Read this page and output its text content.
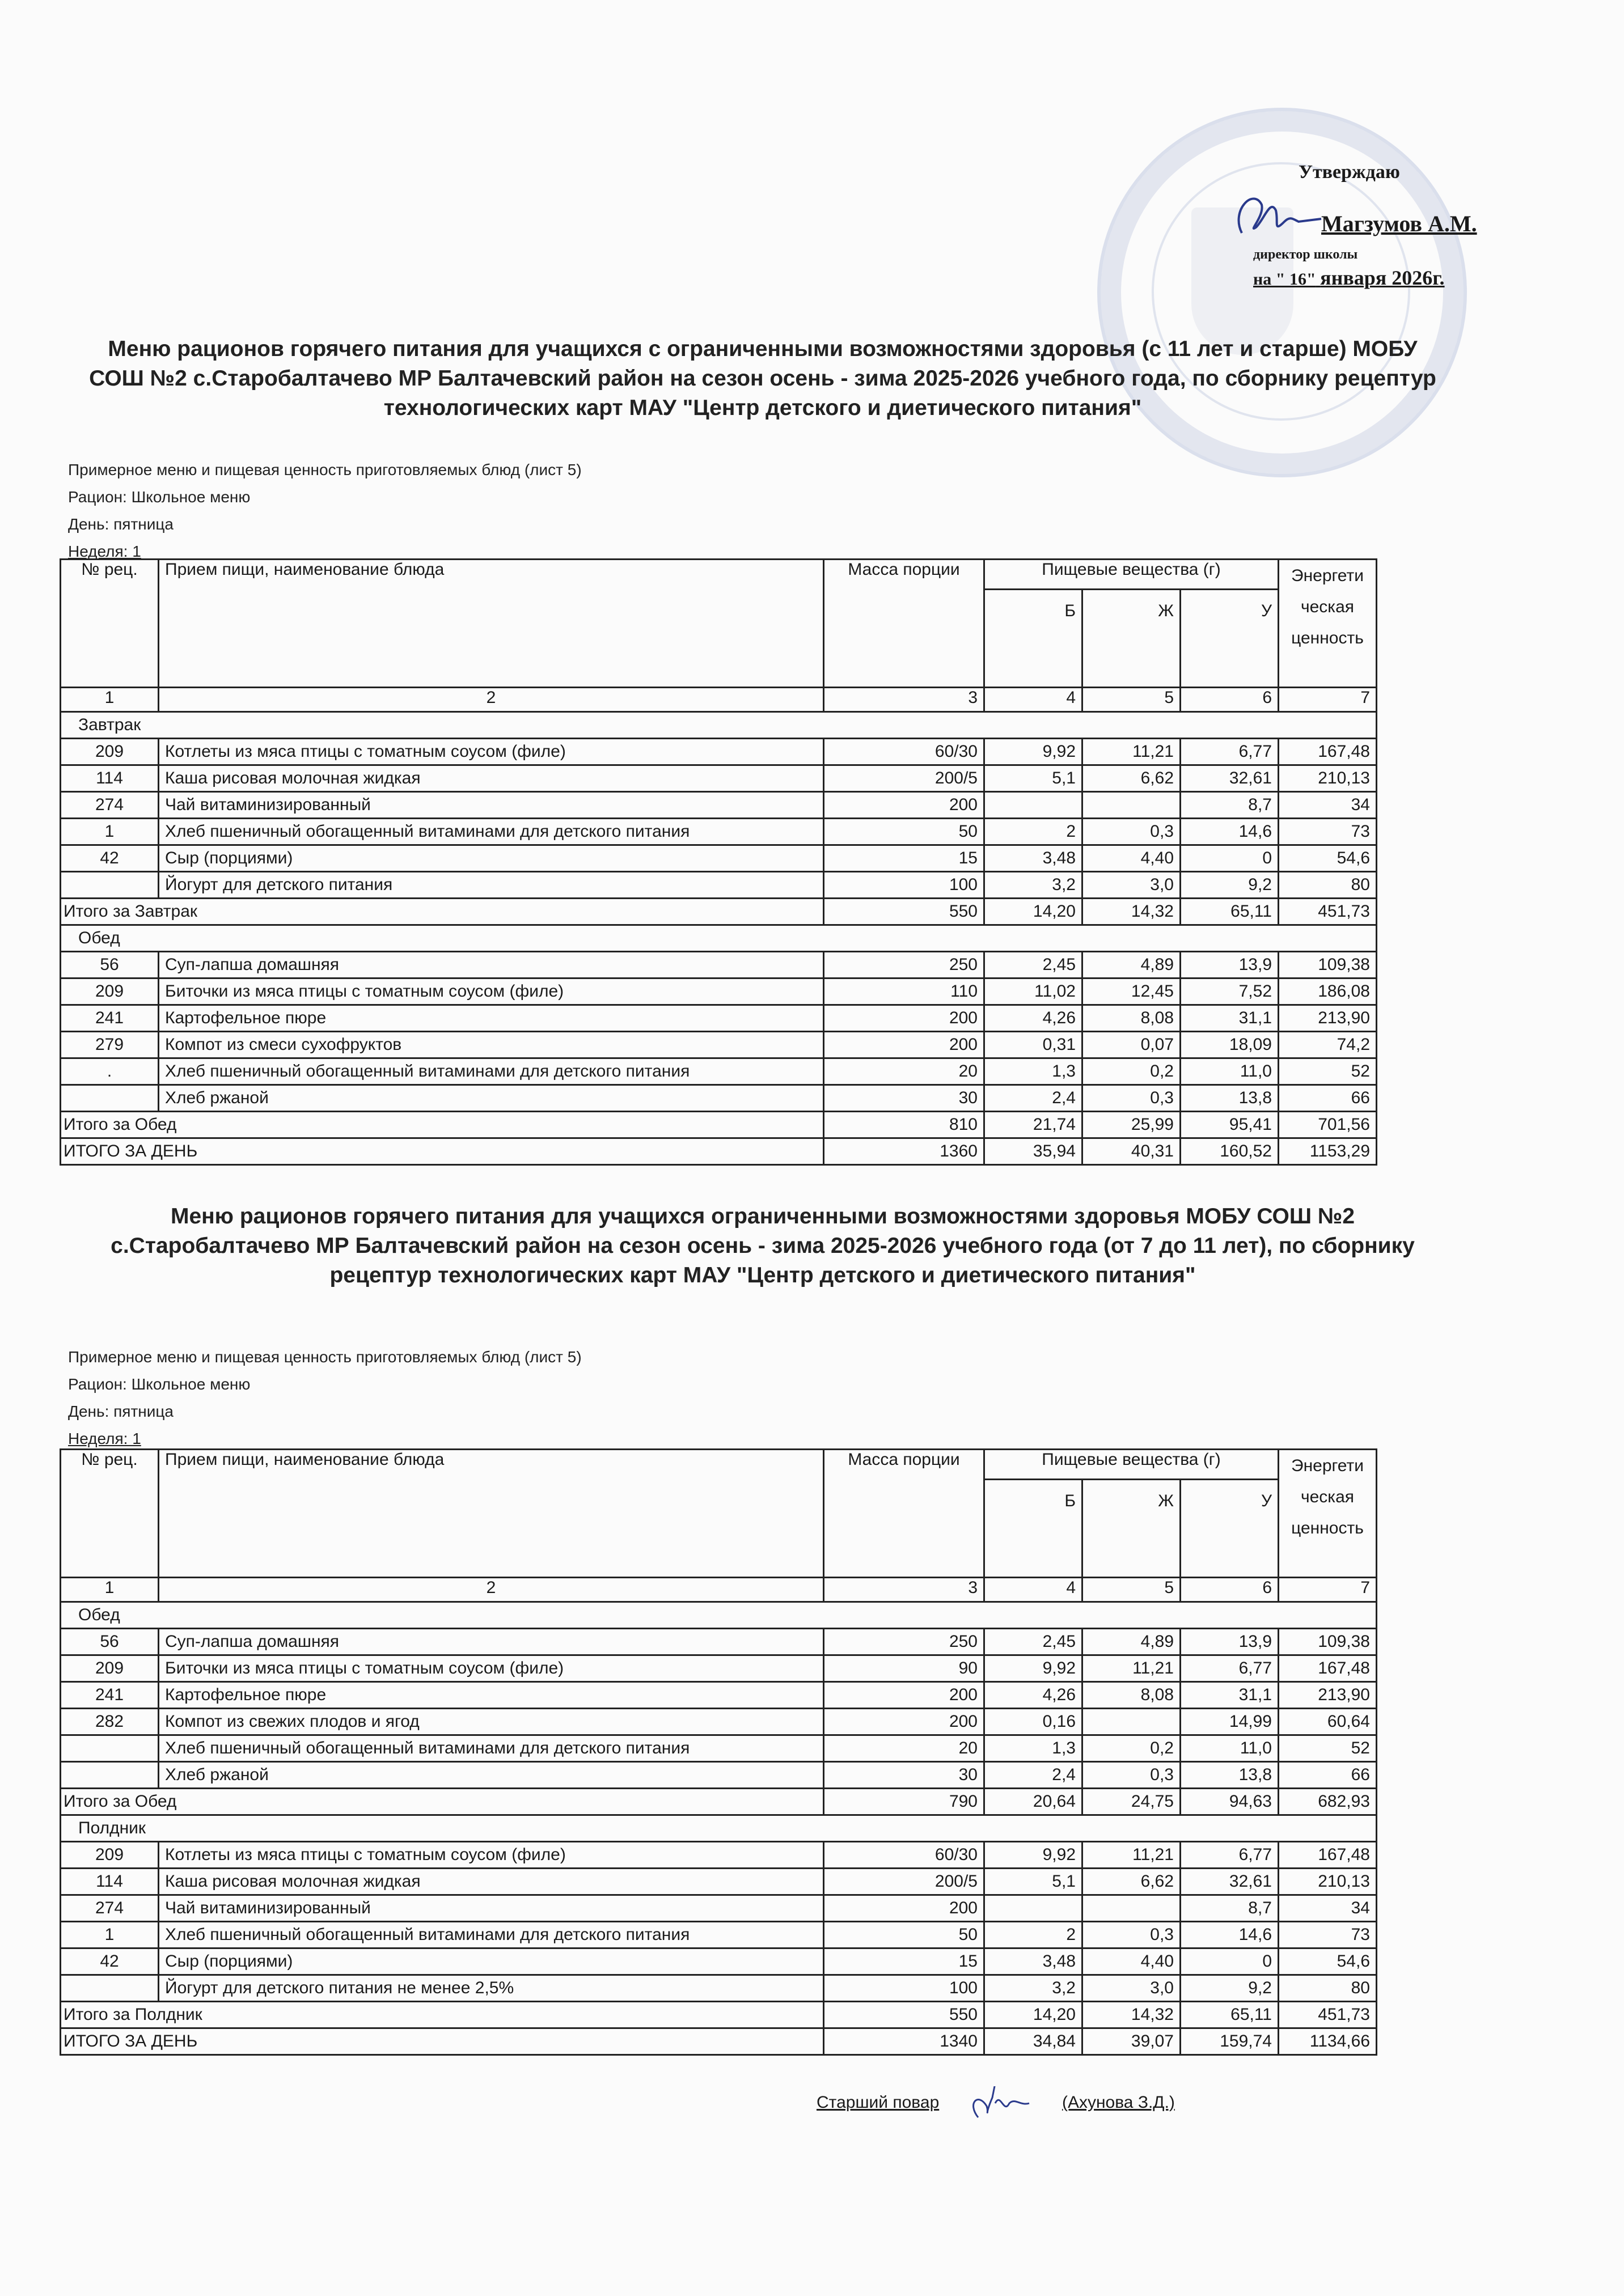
Утверждаю
Магзумов А.М.
директор школы
на " 16" января 2026г.
Меню рационов горячего питания для учащихся с ограниченными возможностями здоровья (с 11 лет и старше) МОБУ
СОШ №2 с.Старобалтачево МР Балтачевский район на сезон осень - зима 2025-2026 учебного года, по сборнику рецептур
технологических карт МАУ "Центр детского и диетического питания"
Примерное меню и пищевая ценность приготовляемых блюд (лист 5)
Рацион: Школьное меню
День: пятница
Неделя: 1
№ рец.	Прием пищи, наименование блюда	Масса порции	Пищевые вещества (г)			Энергети
ческая
ценность

			Б	Ж	У	
1	2	3	4	5	6	7
Завтрак						
209	Котлеты из мяса птицы с томатным соусом (филе)	60/30	9,92	11,21	6,77	167,48
114	Каша рисовая молочная жидкая	200/5	5,1	6,62	32,61	210,13
274	Чай витаминизированный	200			8,7	34
1	Хлеб пшеничный обогащенный витаминами для детского питания	50	2	0,3	14,6	73
42	Сыр (порциями)	15	3,48	4,40	0	54,6
	Йогурт для детского питания	100	3,2	3,0	9,2	80
Итого за Завтрак		550	14,20	14,32	65,11	451,73
Обед						
56	Суп-лапша домашняя	250	2,45	4,89	13,9	109,38
209	Биточки из мяса птицы с томатным соусом (филе)	110	11,02	12,45	7,52	186,08
241	Картофельное пюре	200	4,26	8,08	31,1	213,90
279	Компот из смеси сухофруктов	200	0,31	0,07	18,09	74,2
.	Хлеб пшеничный обогащенный витаминами для детского питания	20	1,3	0,2	11,0	52
	Хлеб ржаной	30	2,4	0,3	13,8	66
Итого за Обед		810	21,74	25,99	95,41	701,56
ИТОГО ЗА ДЕНЬ		1360	35,94	40,31	160,52	1153,29
Меню рационов горячего питания для учащихся ограниченными возможностями здоровья МОБУ СОШ №2
с.Старобалтачево МР Балтачевский район на сезон осень - зима 2025-2026 учебного года (от 7 до 11 лет), по сборнику
рецептур технологических карт МАУ "Центр детского и диетического питания"
Примерное меню и пищевая ценность приготовляемых блюд (лист 5)
Рацион: Школьное меню
День: пятница
Неделя: 1
№ рец.	Прием пищи, наименование блюда	Масса порции	Пищевые вещества (г)			Энергети
ческая
ценность

			Б	Ж	У	
1	2	3	4	5	6	7
Обед						
56	Суп-лапша домашняя	250	2,45	4,89	13,9	109,38
209	Биточки из мяса птицы с томатным соусом (филе)	90	9,92	11,21	6,77	167,48
241	Картофельное пюре	200	4,26	8,08	31,1	213,90
282	Компот из свежих плодов и ягод	200	0,16		14,99	60,64
	Хлеб пшеничный обогащенный витаминами для детского питания	20	1,3	0,2	11,0	52
	Хлеб ржаной	30	2,4	0,3	13,8	66
Итого за Обед		790	20,64	24,75	94,63	682,93
Полдник						
209	Котлеты из мяса птицы с томатным соусом (филе)	60/30	9,92	11,21	6,77	167,48
114	Каша рисовая молочная жидкая	200/5	5,1	6,62	32,61	210,13
274	Чай витаминизированный	200			8,7	34
1	Хлеб пшеничный обогащенный витаминами для детского питания	50	2	0,3	14,6	73
42	Сыр (порциями)	15	3,48	4,40	0	54,6
	Йогурт для детского питания не менее 2,5%	100	3,2	3,0	9,2	80
Итого за Полдник		550	14,20	14,32	65,11	451,73
ИТОГО ЗА ДЕНЬ		1340	34,84	39,07	159,74	1134,66
Старший повар	(Ахунова З.Д.)
